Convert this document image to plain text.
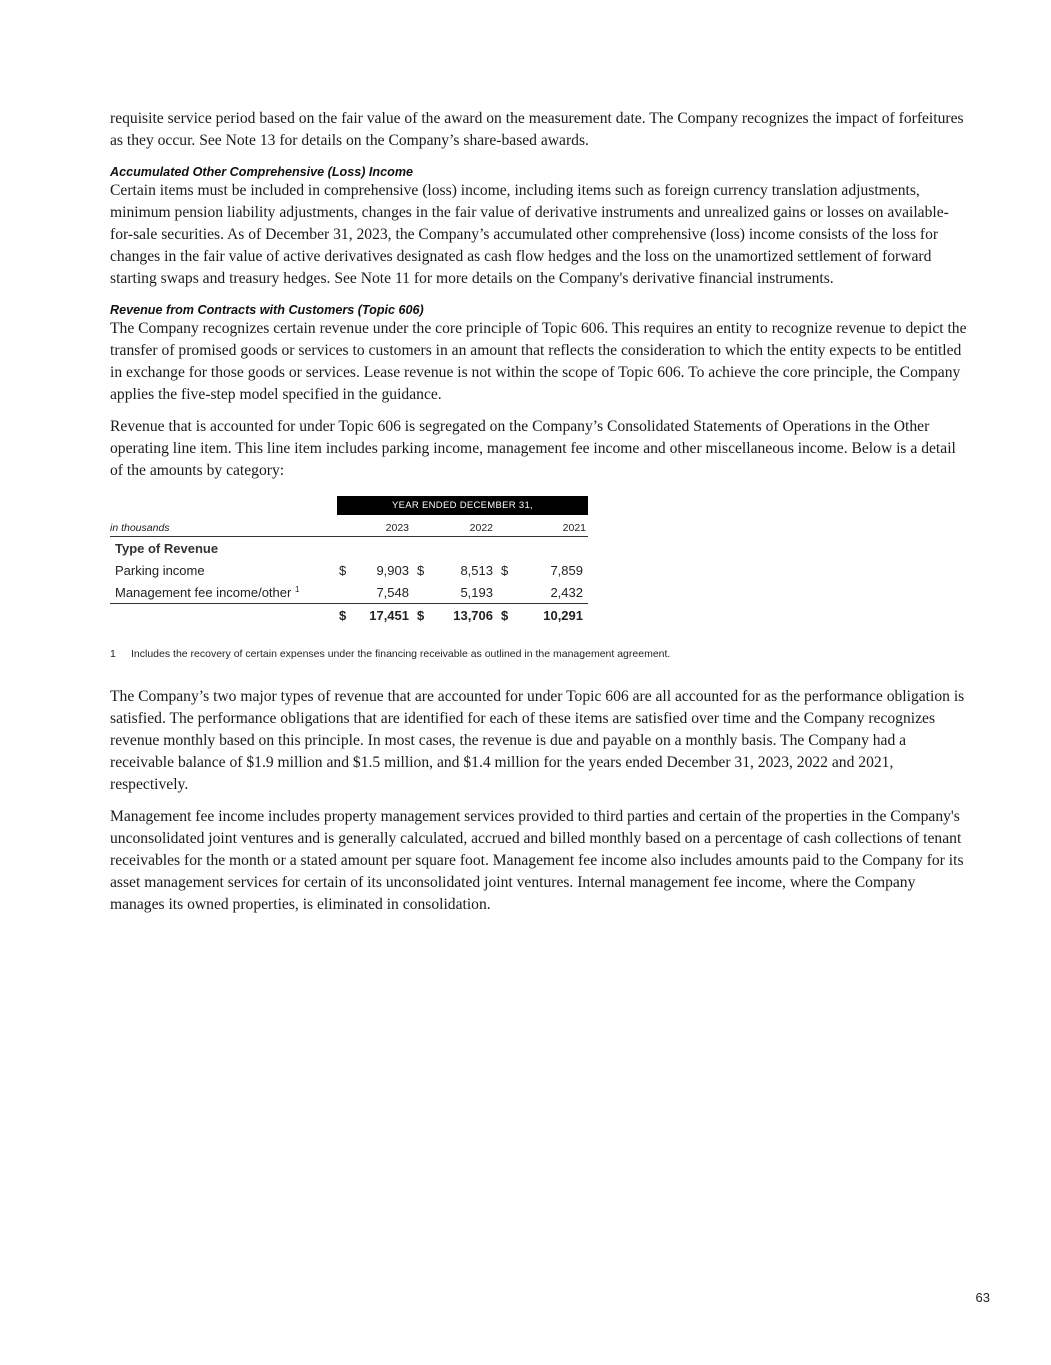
requisite service period based on the fair value of the award on the measurement date. The Company recognizes the impact of forfeitures as they occur. See Note 13 for details on the Company’s share-based awards.

Accumulated Other Comprehensive (Loss) Income

Certain items must be included in comprehensive (loss) income, including items such as foreign currency translation adjustments, minimum pension liability adjustments, changes in the fair value of derivative instruments and unrealized gains or losses on available-for-sale securities. As of December 31, 2023, the Company’s accumulated other comprehensive (loss) income consists of the loss for changes in the fair value of active derivatives designated as cash flow hedges and the loss on the unamortized settlement of forward starting swaps and treasury hedges. See Note 11 for more details on the Company's derivative financial instruments.

Revenue from Contracts with Customers (Topic 606)

The Company recognizes certain revenue under the core principle of Topic 606. This requires an entity to recognize revenue to depict the transfer of promised goods or services to customers in an amount that reflects the consideration to which the entity expects to be entitled in exchange for those goods or services. Lease revenue is not within the scope of Topic 606. To achieve the core principle, the Company applies the five-step model specified in the guidance.

Revenue that is accounted for under Topic 606 is segregated on the Company’s Consolidated Statements of Operations in the Other operating line item. This line item includes parking income, management fee income and other miscellaneous income. Below is a detail of the amounts by category:

	YEAR ENDED DECEMBER 31,					
in thousands		2023		2022		2021
Type of Revenue						
Parking income	$	9,903	$	8,513	$	7,859
Management fee income/other $^1$		7,548		5,193		2,432
	$	17,451	$	13,706	$	10,291

1 Includes the recovery of certain expenses under the financing receivable as outlined in the management agreement.

The Company’s two major types of revenue that are accounted for under Topic 606 are all accounted for as the performance obligation is satisfied. The performance obligations that are identified for each of these items are satisfied over time and the Company recognizes revenue monthly based on this principle. In most cases, the revenue is due and payable on a monthly basis. The Company had a receivable balance of $1.9 million and $1.5 million, and $1.4 million for the years ended December 31, 2023, 2022 and 2021, respectively.

Management fee income includes property management services provided to third parties and certain of the properties in the Company's unconsolidated joint ventures and is generally calculated, accrued and billed monthly based on a percentage of cash collections of tenant receivables for the month or a stated amount per square foot. Management fee income also includes amounts paid to the Company for its asset management services for certain of its unconsolidated joint ventures. Internal management fee income, where the Company manages its owned properties, is eliminated in consolidation.

63
